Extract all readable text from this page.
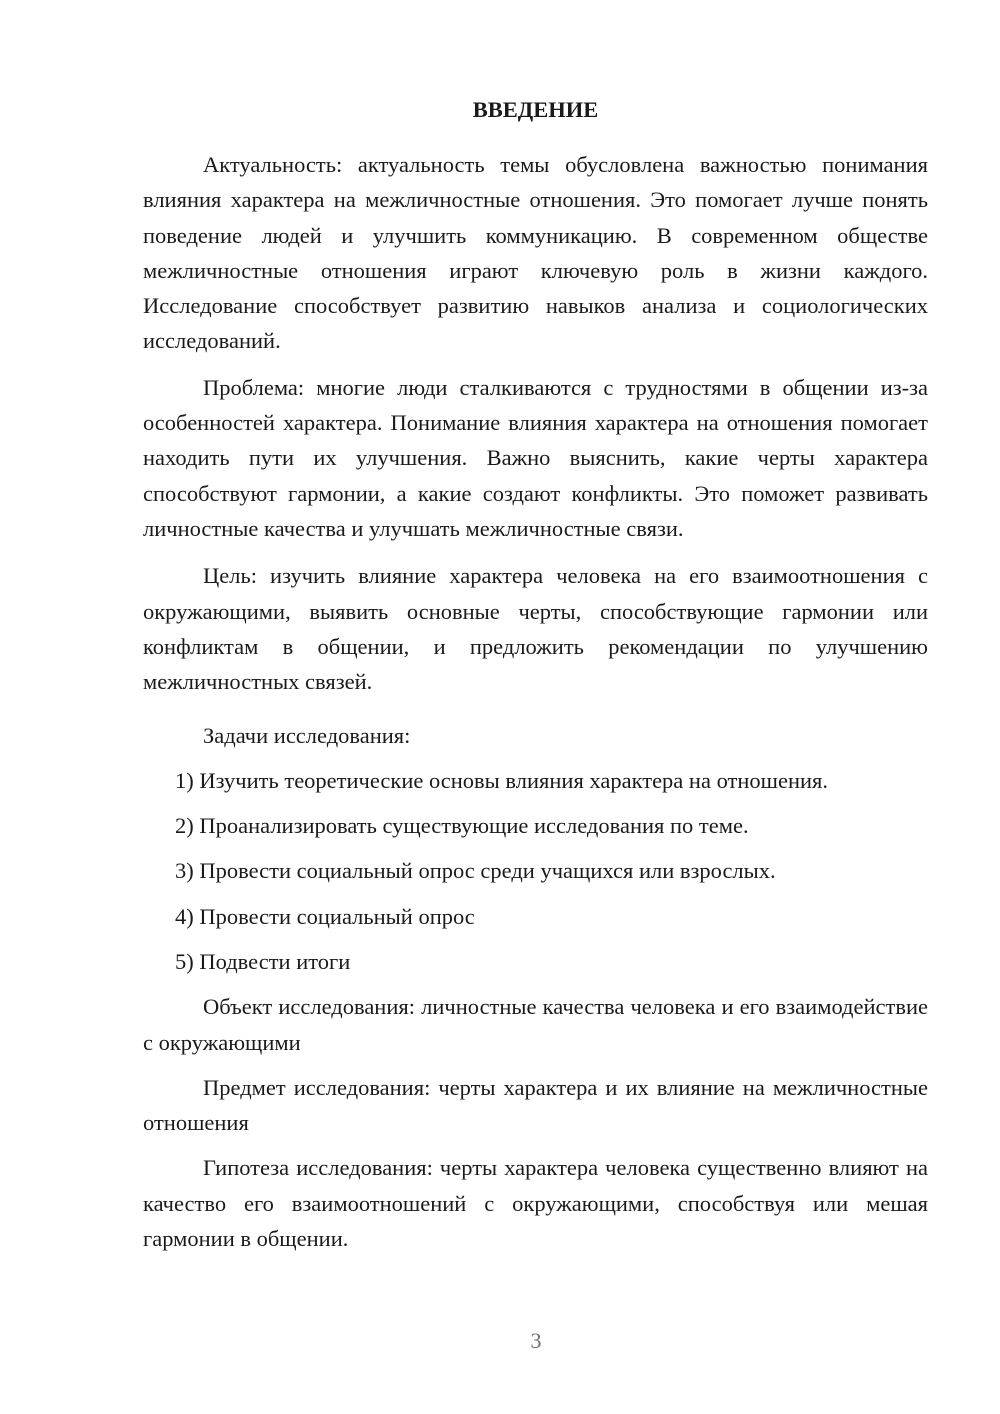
ВВЕДЕНИЕ

Актуальность: актуальность темы обусловлена важностью понимания влияния характера на межличностные отношения. Это помогает лучше понять поведение людей и улучшить коммуникацию. В современном обществе межличностные отношения играют ключевую роль в жизни каждого. Исследование способствует развитию навыков анализа и социологических исследований.

Проблема: многие люди сталкиваются с трудностями в общении из-за особенностей характера. Понимание влияния характера на отношения помогает находить пути их улучшения. Важно выяснить, какие черты характера способствуют гармонии, а какие создают конфликты. Это поможет развивать личностные качества и улучшать межличностные связи.

Цель: изучить влияние характера человека на его взаимоотношения с окружающими, выявить основные черты, способствующие гармонии или конфликтам в общении, и предложить рекомендации по улучшению межличностных связей.

Задачи исследования:

1) Изучить теоретические основы влияния характера на отношения.
2) Проанализировать существующие исследования по теме.
3) Провести социальный опрос среди учащихся или взрослых.
4) Провести социальный опрос
5) Подвести итоги

Объект исследования: личностные качества человека и его взаимодействие с окружающими

Предмет исследования: черты характера и их влияние на межличностные отношения

Гипотеза исследования: черты характера человека существенно влияют на качество его взаимоотношений с окружающими, способствуя или мешая гармонии в общении.

3
